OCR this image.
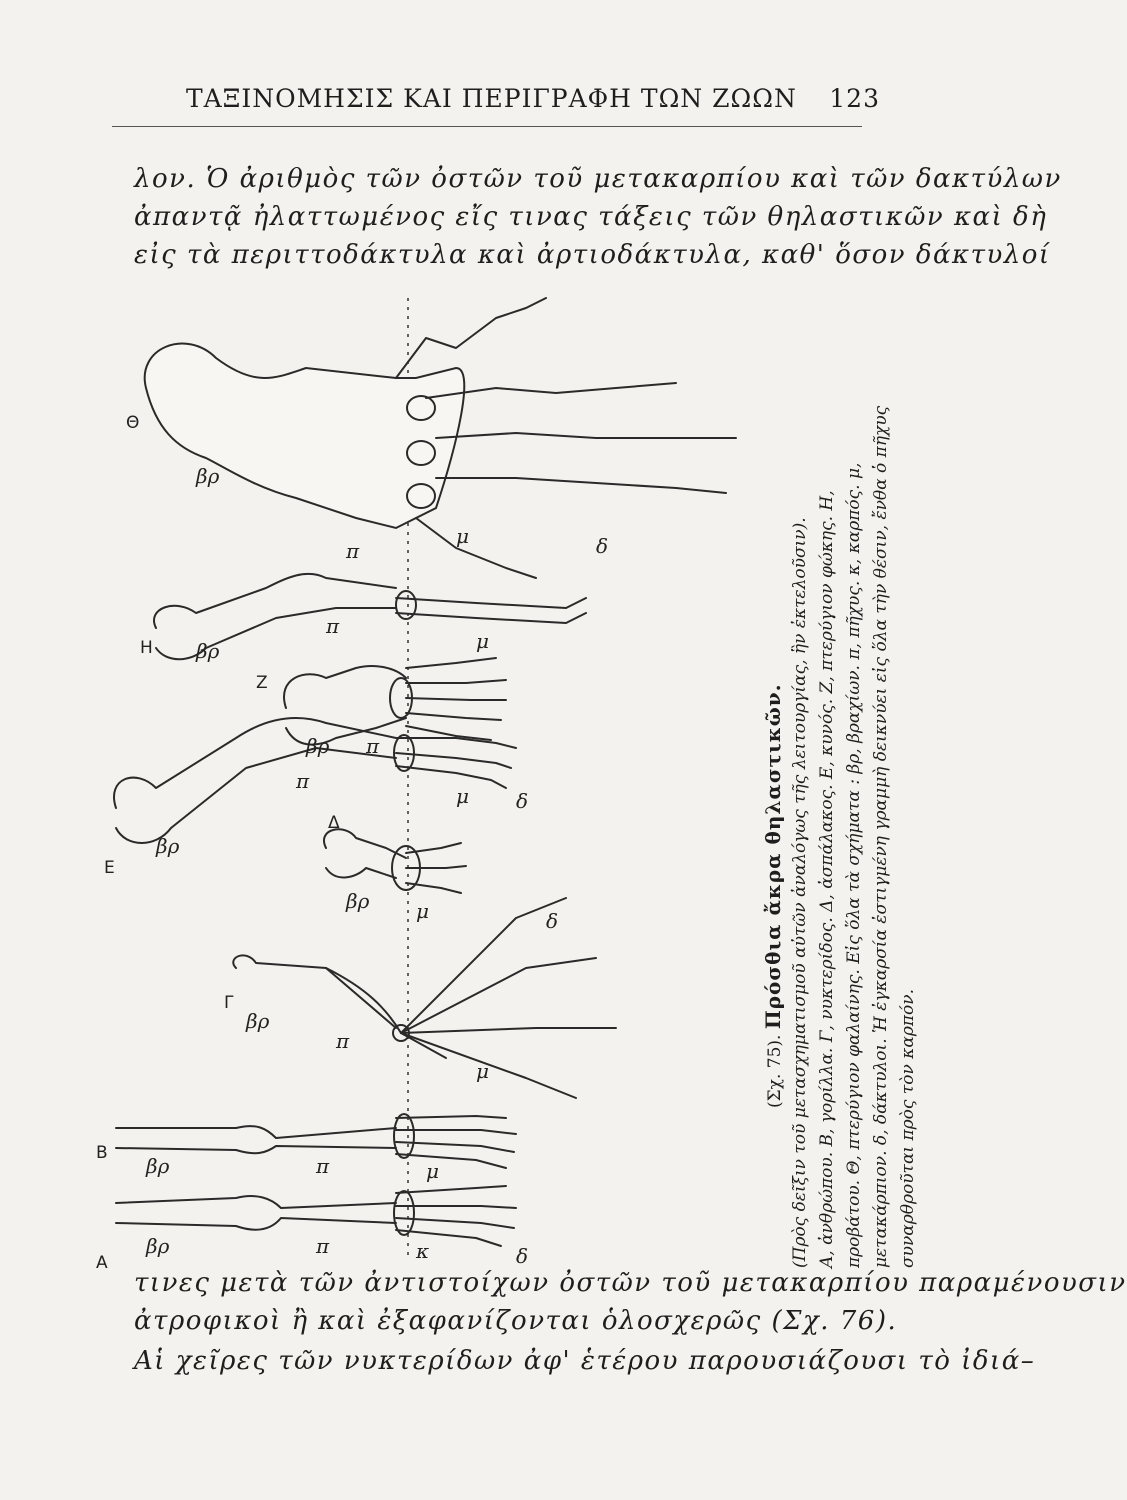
ΤΑΞΙΝΟΜΗΣΙΣ ΚΑΙ ΠΕΡΙΓΡΑΦΗ ΤΩΝ ΖΩΩΝ 123
λον. Ὁ ἀριθμὸς τῶν ὀστῶν τοῦ μετακαρπίου καὶ τῶν δακτύλων
ἀπαντᾷ ἠλαττωμένος εἴς τινας τάξεις τῶν θηλαστικῶν καὶ δὴ
εἰς τὰ περιττοδάκτυλα καὶ ἀρτιοδάκτυλα, καθ' ὅσον δάκτυλοί
Θ
Η
Ζ
Ε
Δ
Γ
Β
Α
βρ
π
μ	δ
βρ
π
μ
βρ π
βρ
π
μ δ
βρ μ	δ
βρ
π
μ
βρ	π	μ
βρ	π	κ	δ
(Σχ. 75). Πρόσθια ἄκρα θηλαστικῶν. (Πρὸς δεῖξιν τοῦ μετασχηματισμοῦ αὐτῶν ἀναλόγως τῆς λειτουργίας, ἣν ἐκτελοῦσιν). Α, ἀνθρώπου. Β, γορίλλα. Γ, νυκτερίδος. Δ, ἀσπάλακος. Ε, κυνός. Ζ, πτερύγιον φώκης. Η, προβάτου. Θ, πτερύγιον φαλαίνης. Εἰς ὅλα τὰ σχήματα : βρ, βραχίων. π, πῆχυς. κ, καρπός. μ, μετακάρπιον. δ, δάκτυλοι. Ἡ ἐγκαρσία ἐστιγμένη γραμμὴ δεικνύει εἰς ὅλα τὴν θέσιν, ἔνθα ὁ πῆχυς συναρθροῦται πρὸς τὸν καρπόν.
τινες μετὰ τῶν ἀντιστοίχων ὀστῶν τοῦ μετακαρπίου παραμένουσιν
ἀτροφικοὶ ἢ καὶ ἐξαφανίζονται ὁλοσχερῶς (Σχ. 76).
Αἱ χεῖρες τῶν νυκτερίδων ἀφ' ἑτέρου παρουσιάζουσι τὸ ἰδιά–
